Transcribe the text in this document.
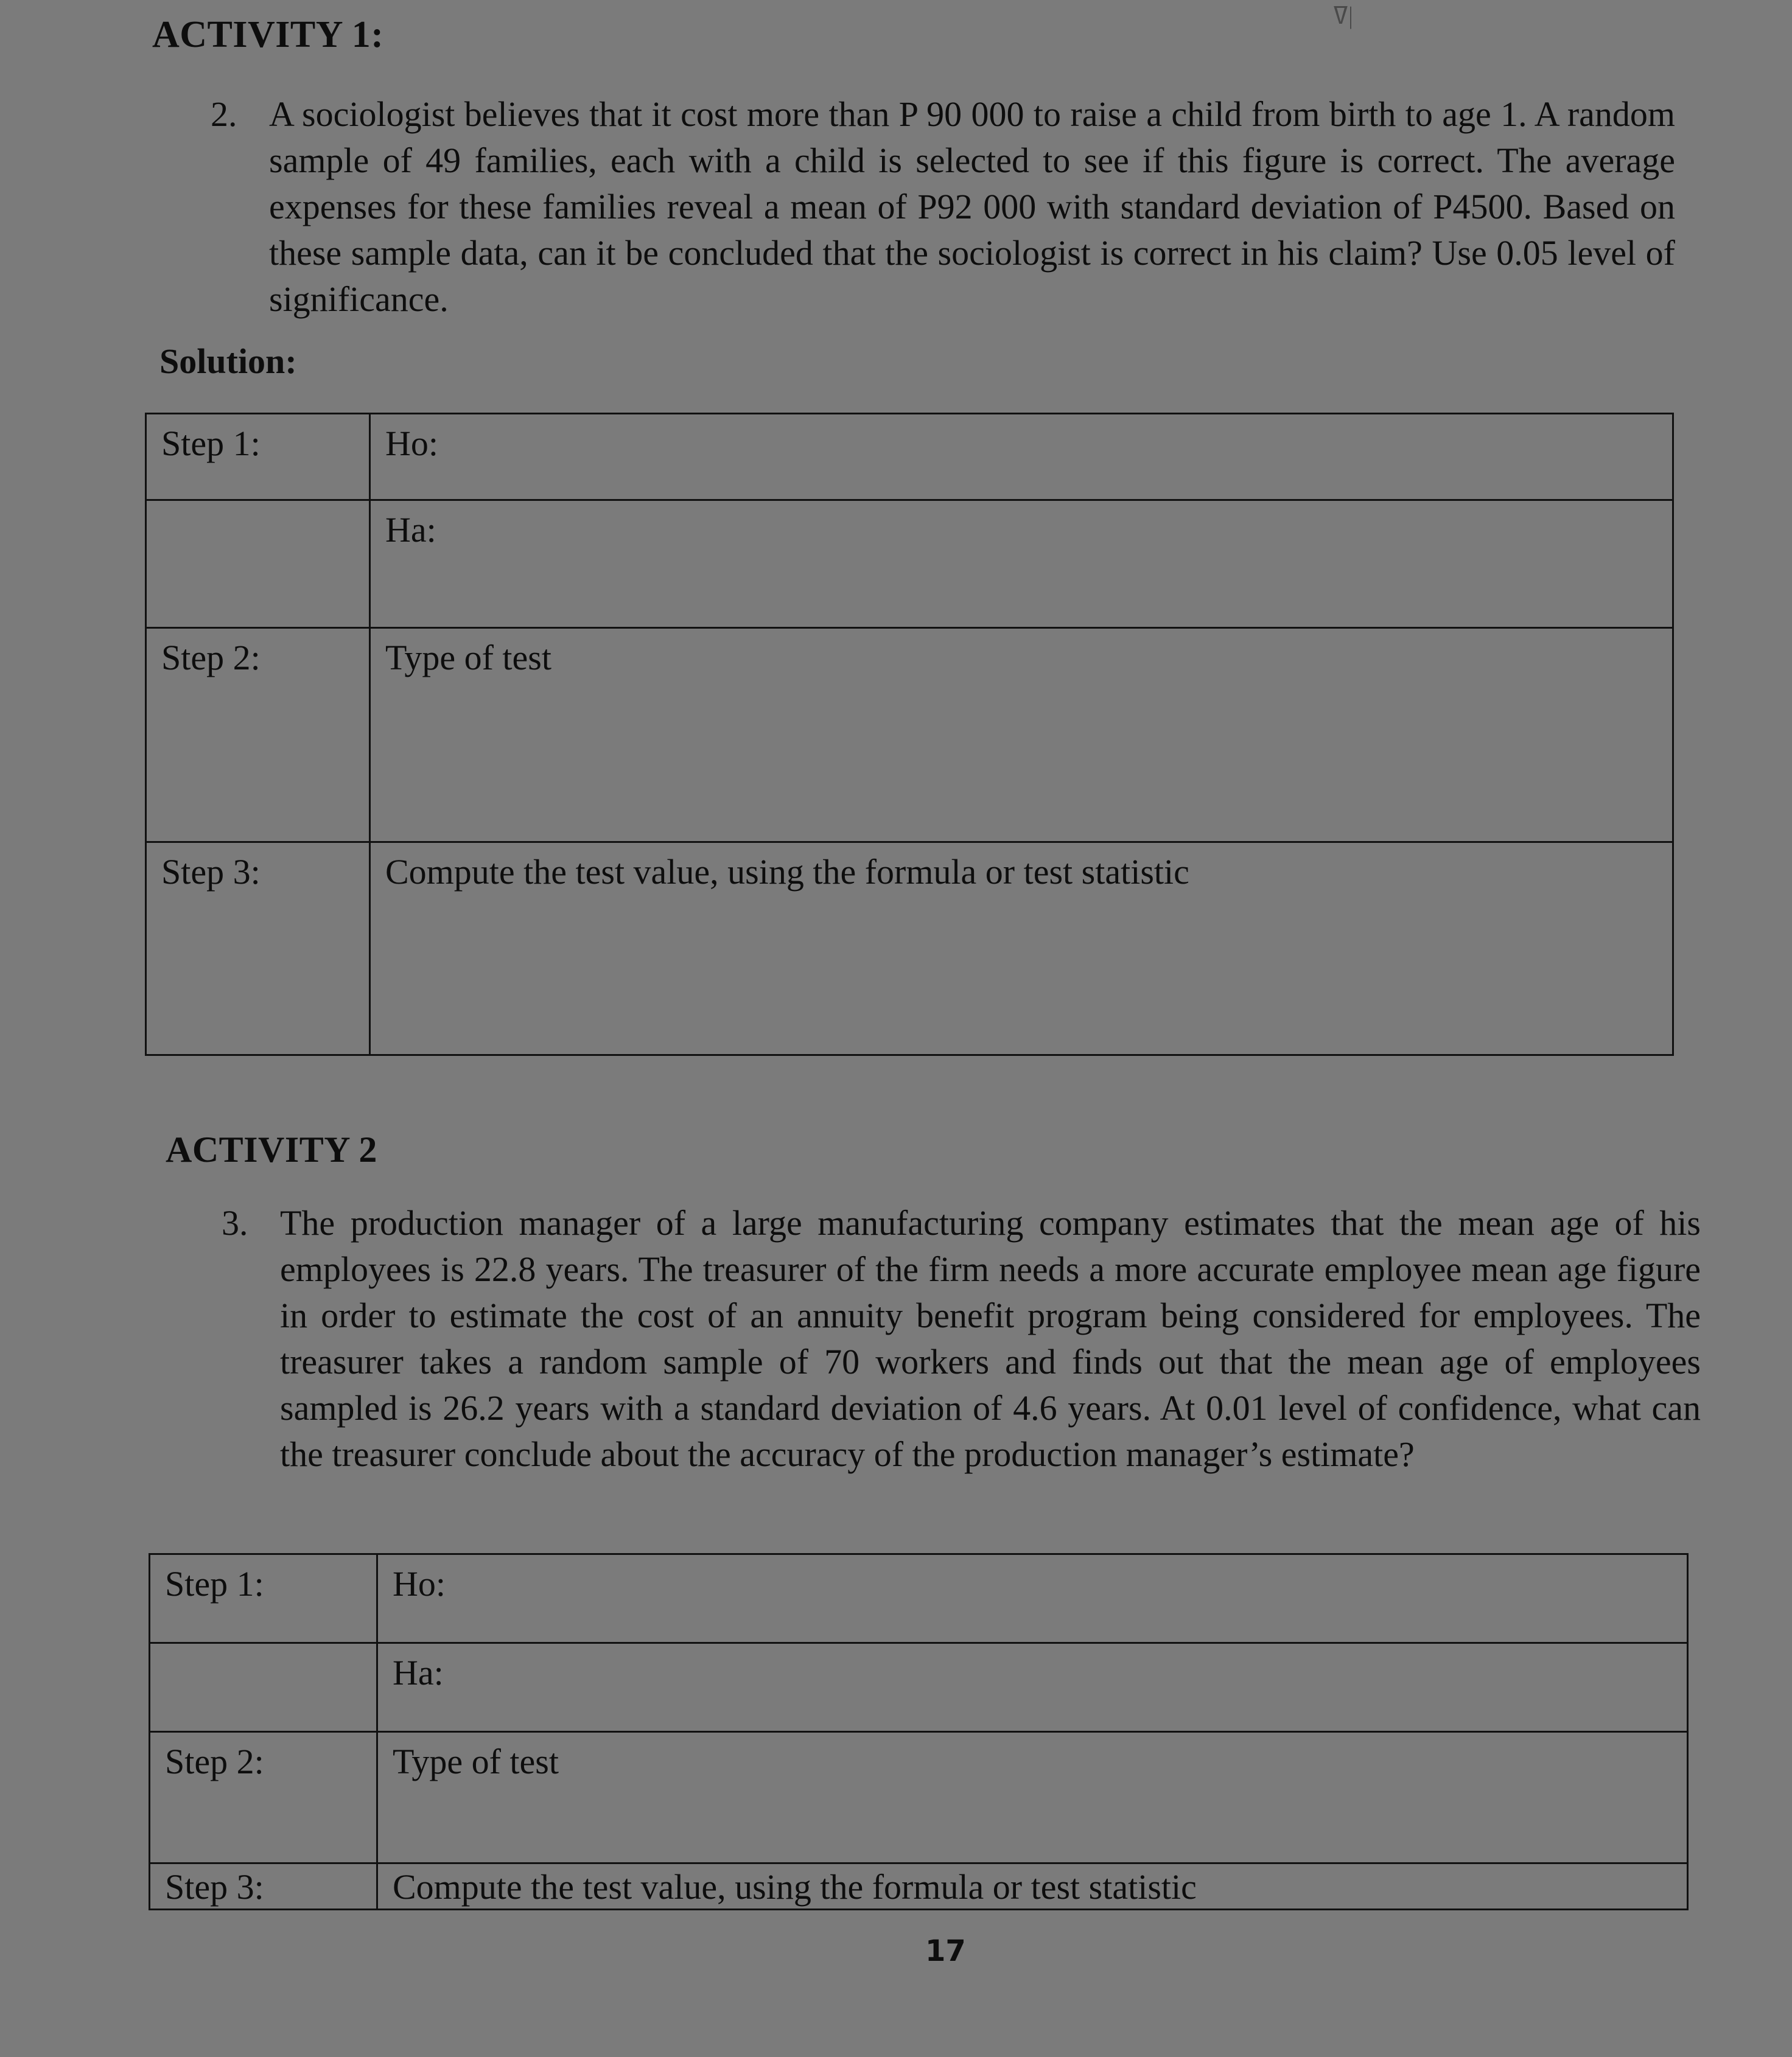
ߜ|
ACTIVITY 1:
2. A sociologist believes that it cost more than P 90 000 to raise a child from birth to age 1. A random sample of 49 families, each with a child is selected to see if this figure is correct. The average expenses for these families reveal a mean of P92 000 with standard deviation of P4500. Based on these sample data, can it be concluded that the sociologist is correct in his claim? Use 0.05 level of significance.
Solution:
Step 1:	Ho:
	Ha:
Step 2:	Type of test
Step 3:	Compute the test value, using the formula or test statistic
ACTIVITY 2
3. The production manager of a large manufacturing company estimates that the mean age of his employees is 22.8 years. The treasurer of the firm needs a more accurate employee mean age figure in order to estimate the cost of an annuity benefit program being considered for employees. The treasurer takes a random sample of 70 workers and finds out that the mean age of employees sampled is 26.2 years with a standard deviation of 4.6 years. At 0.01 level of confidence, what can the treasurer conclude about the accuracy of the production manager’s estimate?
Step 1:	Ho:
	Ha:
Step 2:	Type of test
Step 3:	Compute the test value, using the formula or test statistic
17
